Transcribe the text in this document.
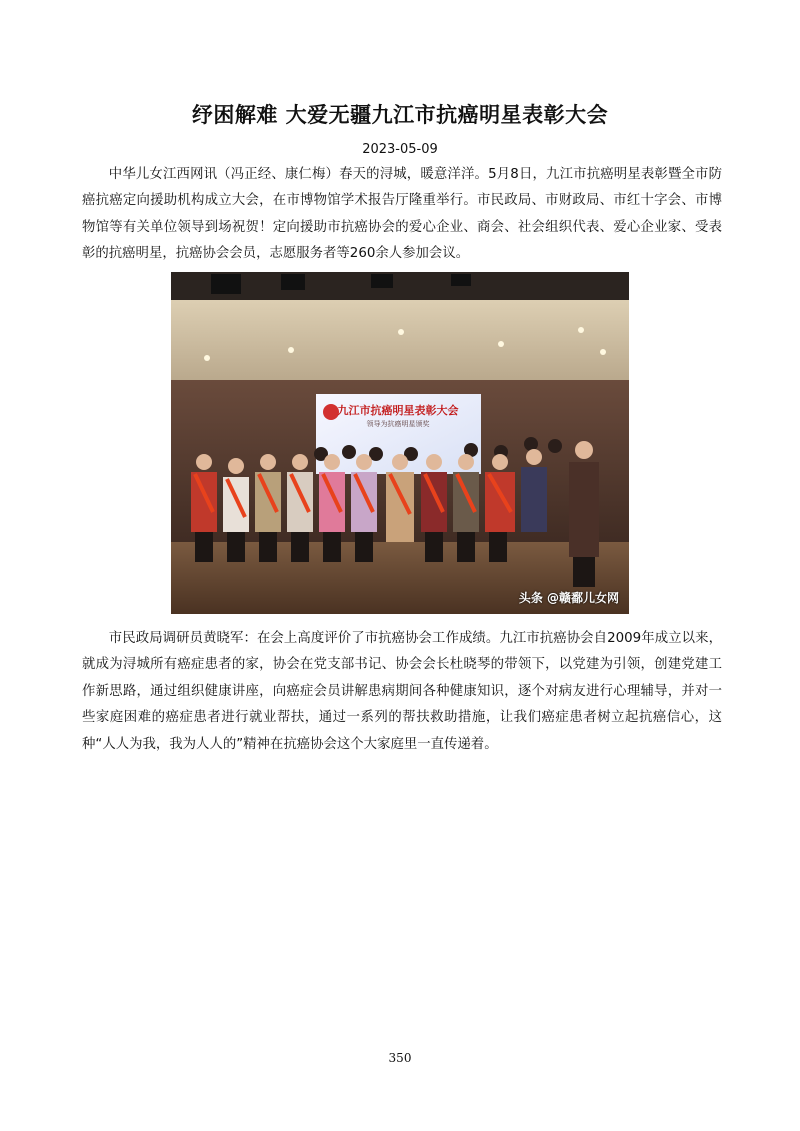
纾困解难 大爱无疆九江市抗癌明星表彰大会
2023-05-09

中华儿女江西网讯（冯正经、康仁梅）春天的浔城，暖意洋洋。5月8日，九江市抗癌明星表彰暨全市防癌抗癌定向援助机构成立大会，在市博物馆学术报告厅隆重举行。市民政局、市财政局、市红十字会、市博物馆等有关单位领导到场祝贺！定向援助市抗癌协会的爱心企业、商会、社会组织代表、爱心企业家、受表彰的抗癌明星，抗癌协会会员，志愿服务者等260余人参加会议。

九江市抗癌明星表彰大会
领导为抗癌明星颁奖
头条 @赣鄱儿女网

市民政局调研员黄晓军：在会上高度评价了市抗癌协会工作成绩。九江市抗癌协会自2009年成立以来，就成为浔城所有癌症患者的家，协会在党支部书记、协会会长杜晓琴的带领下，以党建为引领，创建党建工作新思路，通过组织健康讲座，向癌症会员讲解患病期间各种健康知识，逐个对病友进行心理辅导，并对一些家庭困难的癌症患者进行就业帮扶，通过一系列的帮扶救助措施，让我们癌症患者树立起抗癌信心，这种“人人为我，我为人人的”精神在抗癌协会这个大家庭里一直传递着。

350
